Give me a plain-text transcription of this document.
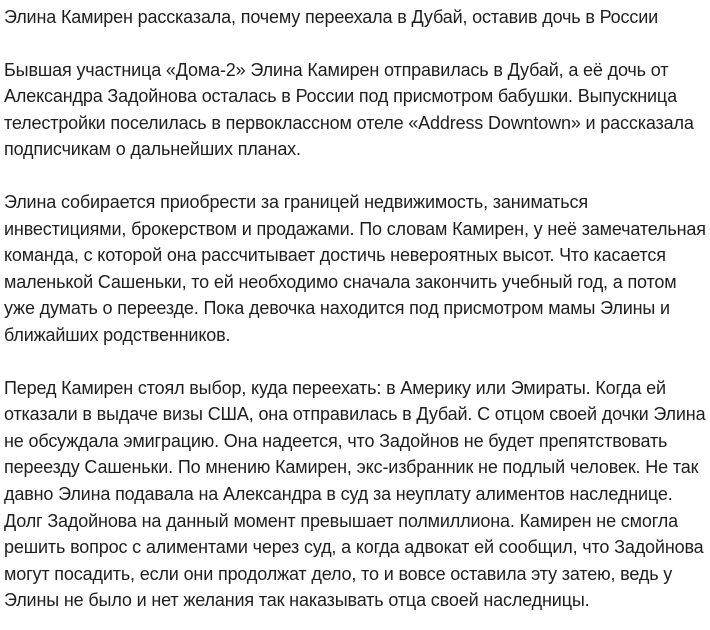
Элина Камирен рассказала, почему переехала в Дубай, оставив дочь в России

Бывшая участница «Дома-2» Элина Камирен отправилась в Дубай, а её дочь от Александра Задойнова осталась в России под присмотром бабушки. Выпускница телестройки поселилась в первоклассном отеле «Address Downtown» и рассказала подписчикам о дальнейших планах.

Элина собирается приобрести за границей недвижимость, заниматься инвестициями, брокерством и продажами. По словам Камирен, у неё замечательная команда, с которой она рассчитывает достичь невероятных высот. Что касается маленькой Сашеньки, то ей необходимо сначала закончить учебный год, а потом уже думать о переезде. Пока девочка находится под присмотром мамы Элины и ближайших родственников.

Перед Камирен стоял выбор, куда переехать: в Америку или Эмираты. Когда ей отказали в выдаче визы США, она отправилась в Дубай. С отцом своей дочки Элина не обсуждала эмиграцию. Она надеется, что Задойнов не будет препятствовать переезду Сашеньки. По мнению Камирен, экс-избранник не подлый человек. Не так давно Элина подавала на Александра в суд за неуплату алиментов наследнице. Долг Задойнова на данный момент превышает полмиллиона. Камирен не смогла решить вопрос с алиментами через суд, а когда адвокат ей сообщил, что Задойнова могут посадить, если они продолжат дело, то и вовсе оставила эту затею, ведь у Элины не было и нет желания так наказывать отца своей наследницы.
